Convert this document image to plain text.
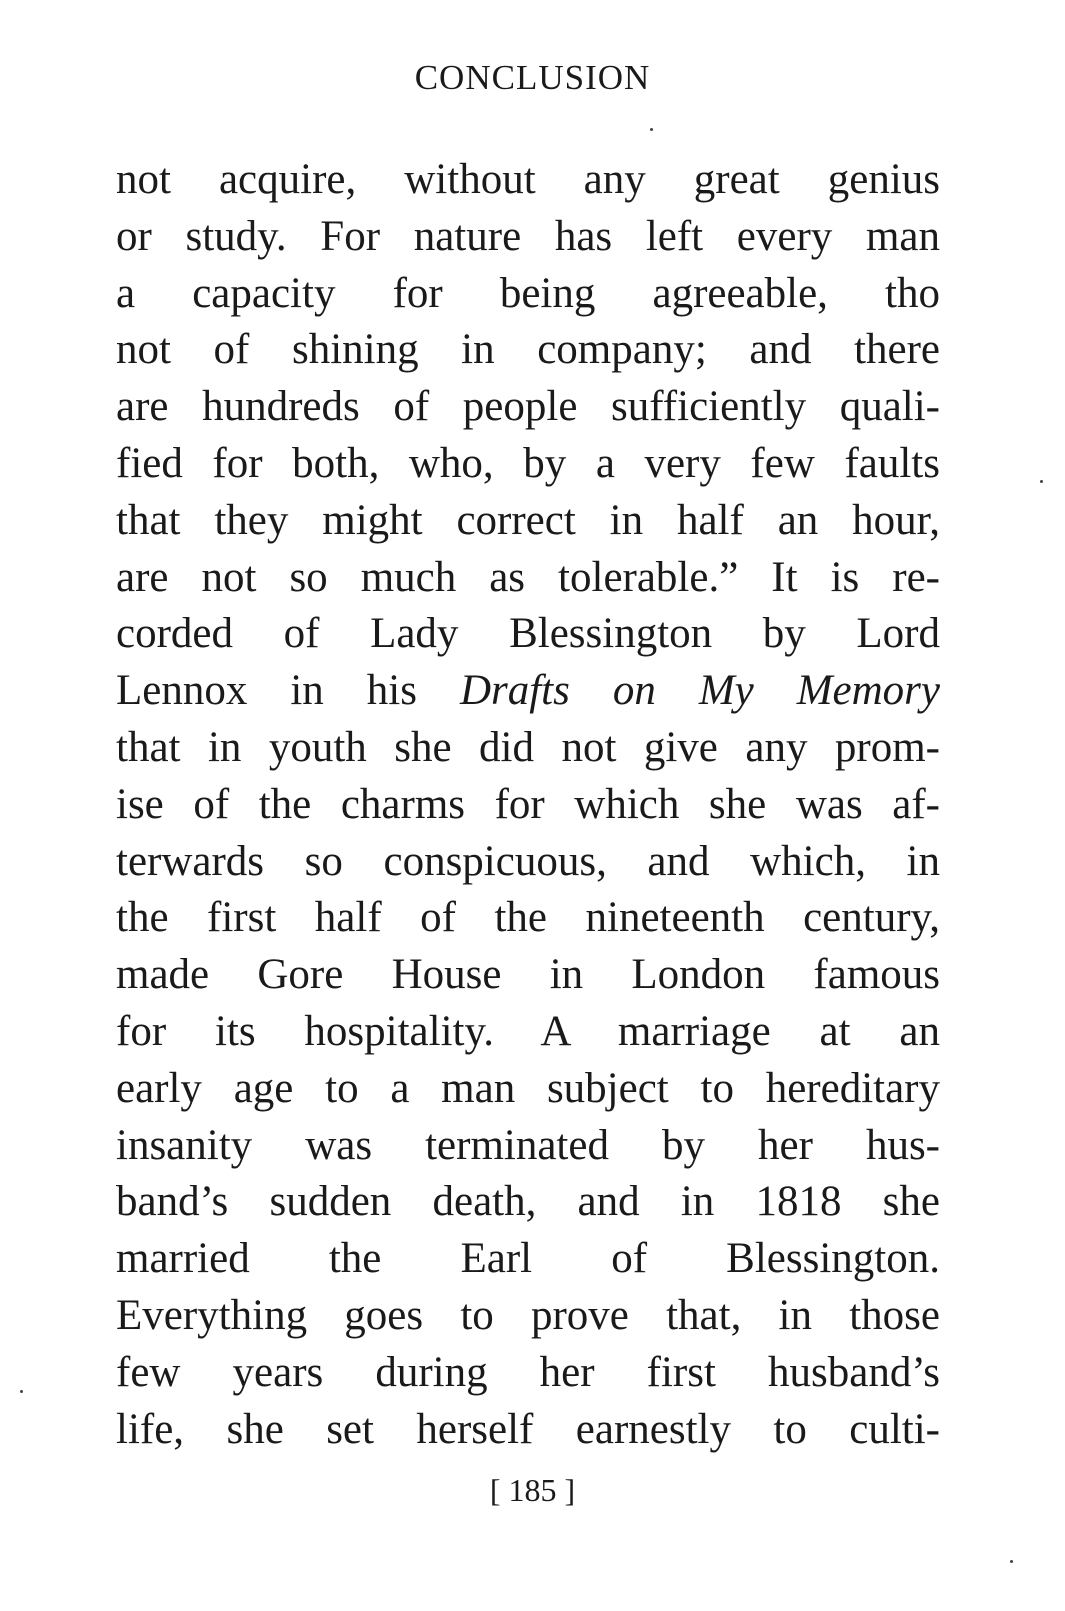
CONCLUSION
not acquire, without any great genius
or study. For nature has left every man
a capacity for being agreeable, tho
not of shining in company; and there
are hundreds of people sufficiently quali-
fied for both, who, by a very few faults
that they might correct in half an hour,
are not so much as tolerable.” It is re-
corded of Lady Blessington by Lord
Lennox in his Drafts on My Memory
that in youth she did not give any prom-
ise of the charms for which she was af-
terwards so conspicuous, and which, in
the first half of the nineteenth century,
made Gore House in London famous
for its hospitality. A marriage at an
early age to a man subject to hereditary
insanity was terminated by her hus-
band’s sudden death, and in 1818 she
married the Earl of Blessington.
Everything goes to prove that, in those
few years during her first husband’s
life, she set herself earnestly to culti-
[ 185 ]
